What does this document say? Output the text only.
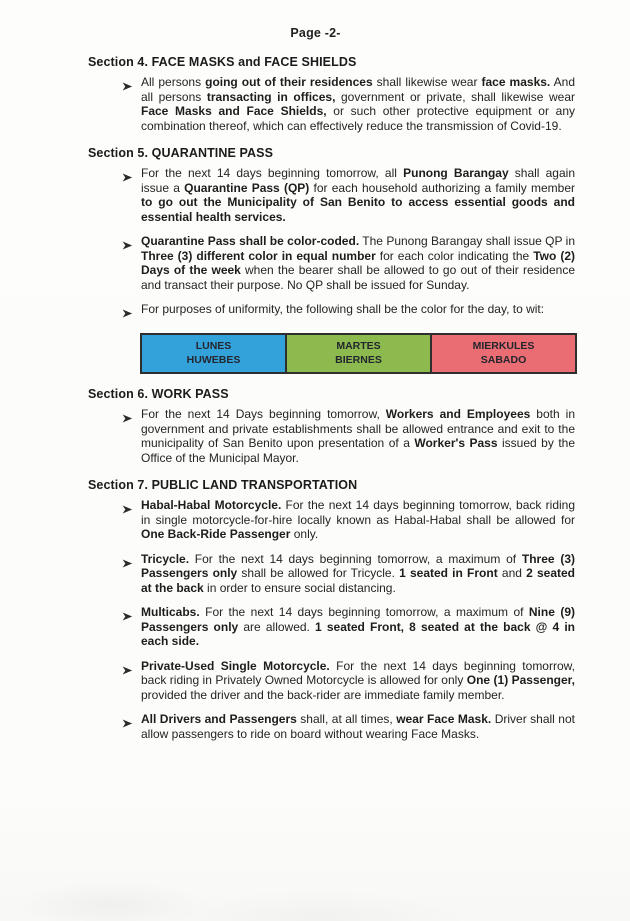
Page -2-
Section 4. FACE MASKS and FACE SHIELDS

All persons going out of their residences shall likewise wear face masks. And all persons transacting in offices, government or private, shall likewise wear Face Masks and Face Shields, or such other protective equipment or any combination thereof, which can effectively reduce the transmission of Covid-19.

Section 5. QUARANTINE PASS

For the next 14 days beginning tomorrow, all Punong Barangay shall again issue a Quarantine Pass (QP) for each household authorizing a family member to go out the Municipality of San Benito to access essential goods and essential health services.

Quarantine Pass shall be color-coded. The Punong Barangay shall issue QP in Three (3) different color in equal number for each color indicating the Two (2) Days of the week when the bearer shall be allowed to go out of their residence and transact their purpose. No QP shall be issued for Sunday.

For purposes of uniformity, the following shall be the color for the day, to wit:

LUNES
HUWEBES
MARTES
BIERNES
MIERKULES
SABADO
Section 6. WORK PASS

For the next 14 Days beginning tomorrow, Workers and Employees both in government and private establishments shall be allowed entrance and exit to the municipality of San Benito upon presentation of a Worker's Pass issued by the Office of the Municipal Mayor.

Section 7. PUBLIC LAND TRANSPORTATION

Habal-Habal Motorcycle. For the next 14 days beginning tomorrow, back riding in single motorcycle-for-hire locally known as Habal-Habal shall be allowed for One Back-Ride Passenger only.

Tricycle. For the next 14 days beginning tomorrow, a maximum of Three (3) Passengers only shall be allowed for Tricycle. 1 seated in Front and 2 seated at the back in order to ensure social distancing.

Multicabs. For the next 14 days beginning tomorrow, a maximum of Nine (9) Passengers only are allowed. 1 seated Front, 8 seated at the back @ 4 in each side.

Private-Used Single Motorcycle. For the next 14 days beginning tomorrow, back riding in Privately Owned Motorcycle is allowed for only One (1) Passenger, provided the driver and the back-rider are immediate family member.

All Drivers and Passengers shall, at all times, wear Face Mask. Driver shall not allow passengers to ride on board without wearing Face Masks.
